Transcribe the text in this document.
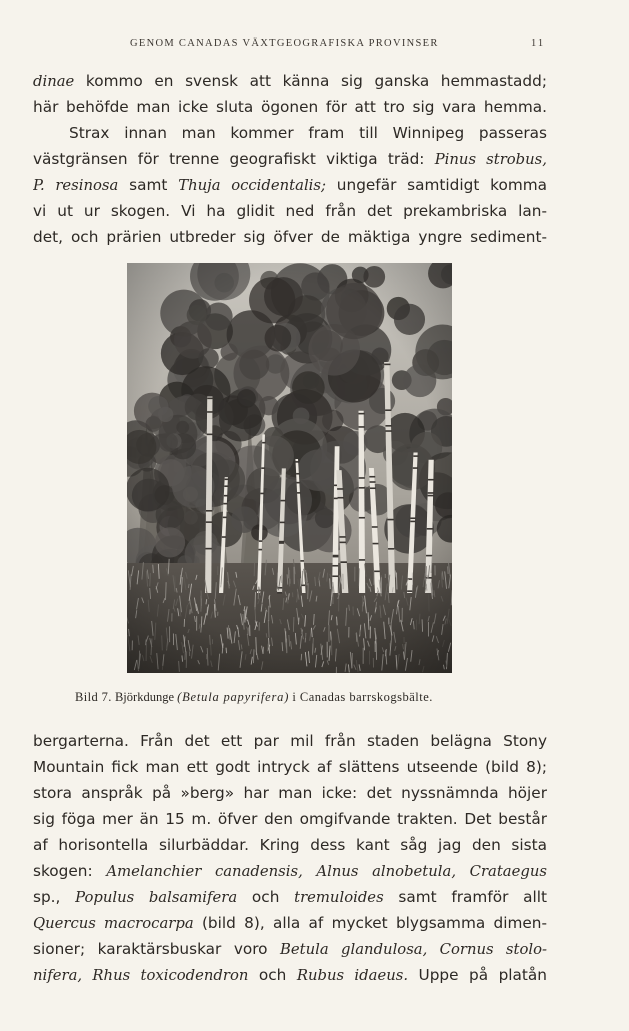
GENOM CANADAS VÄXTGEOGRAFISKA PROVINSER	11
dinae kommo en svensk att känna sig ganska hemmastadd;
här behöfde man icke sluta ögonen för att tro sig vara hemma.
Strax innan man kommer fram till Winnipeg passeras
västgränsen för trenne geografiskt viktiga träd: Pinus strobus,
P. resinosa samt Thuja occidentalis; ungefär samtidigt komma
vi ut ur skogen. Vi ha glidit ned från det prekambriska lan-
det, och prärien utbreder sig öfver de mäktiga yngre sediment-
Bild 7. Björkdunge (Betula papyrifera) i Canadas barrskogsbälte.
bergarterna. Från det ett par mil från staden belägna Stony
Mountain fick man ett godt intryck af slättens utseende (bild 8);
stora anspråk på »berg» har man icke: det nyssnämnda höjer
sig föga mer än 15 m. öfver den omgifvande trakten. Det består
af horisontella silurbäddar. Kring dess kant såg jag den sista
skogen: Amelanchier canadensis, Alnus alnobetula, Crataegus
sp., Populus balsamifera och tremuloides samt framför allt
Quercus macrocarpa (bild 8), alla af mycket blygsamma dimen-
sioner; karaktärsbuskar voro Betula glandulosa, Cornus stolo-
nifera, Rhus toxicodendron och Rubus idaeus. Uppe på platån
